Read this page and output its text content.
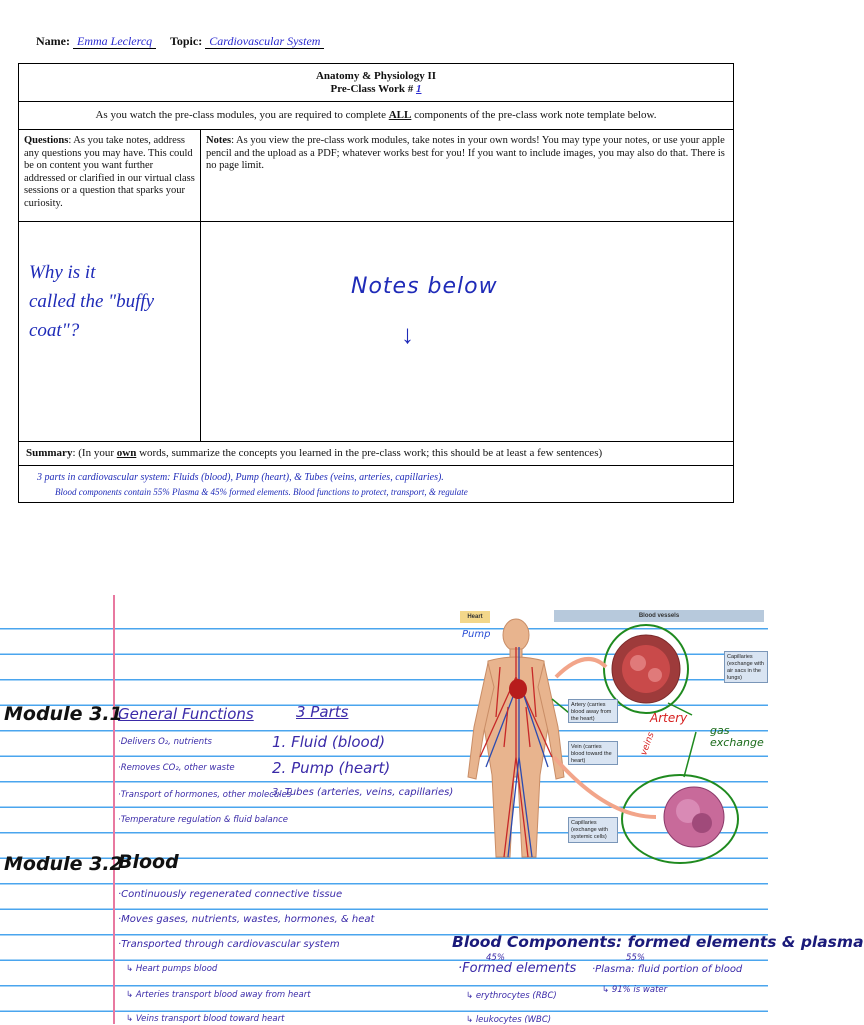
Name: Emma Leclercq Topic: Cardiovascular System
Anatomy & Physiology II
Pre-Class Work # 1
As you watch the pre-class modules, you are required to complete ALL components of the pre-class work note template below.
Questions: As you take notes, address any questions you may have. This could be on content you want further addressed or clarified in our virtual class sessions or a question that sparks your curiosity.
Notes: As you view the pre-class work modules, take notes in your own words! You may type your notes, or use your apple pencil and the upload as a PDF; whatever works best for you! If you want to include images, you may also do that. There is no page limit.
Why is it
called the "buffy coat"?
Notes below
↓
Summary: (In your own words, summarize the concepts you learned in the pre-class work; this should be at least a few sentences)
3 parts in cardiovascular system: Fluids (blood), Pump (heart), & Tubes (veins, arteries, capillaries).
Blood components contain 55% Plasma & 45% formed elements. Blood functions to protect, transport, & regulate
Module 3.1
General Functions	3 Parts
·Delivers O₂, nutrients
·Removes CO₂, other waste
·Transport of hormones, other molecules
·Temperature regulation & fluid balance
1. Fluid (blood)
2. Pump (heart)
3. Tubes (arteries, veins, capillaries)
Module 3.2
Blood
·Continuously regenerated connective tissue
·Moves gases, nutrients, wastes, hormones, & heat
·Transported through cardiovascular system
↳ Heart pumps blood
↳ Arteries transport blood away from heart
↳ Veins transport blood toward heart
Blood Components: formed elements & plasma
45%	55%
·Formed elements ·Plasma: fluid portion of blood
↳ 91% is water
↳ erythrocytes (RBC)
↳ leukocytes (WBC)
Heart	Blood vessels
Artery (carries blood away from the heart)
Vein (carries blood toward the heart)
Capillaries (exchange with air sacs in the lungs)
Capillaries (exchange with systemic cells)
Pump
Artery
veins
gas exchange
